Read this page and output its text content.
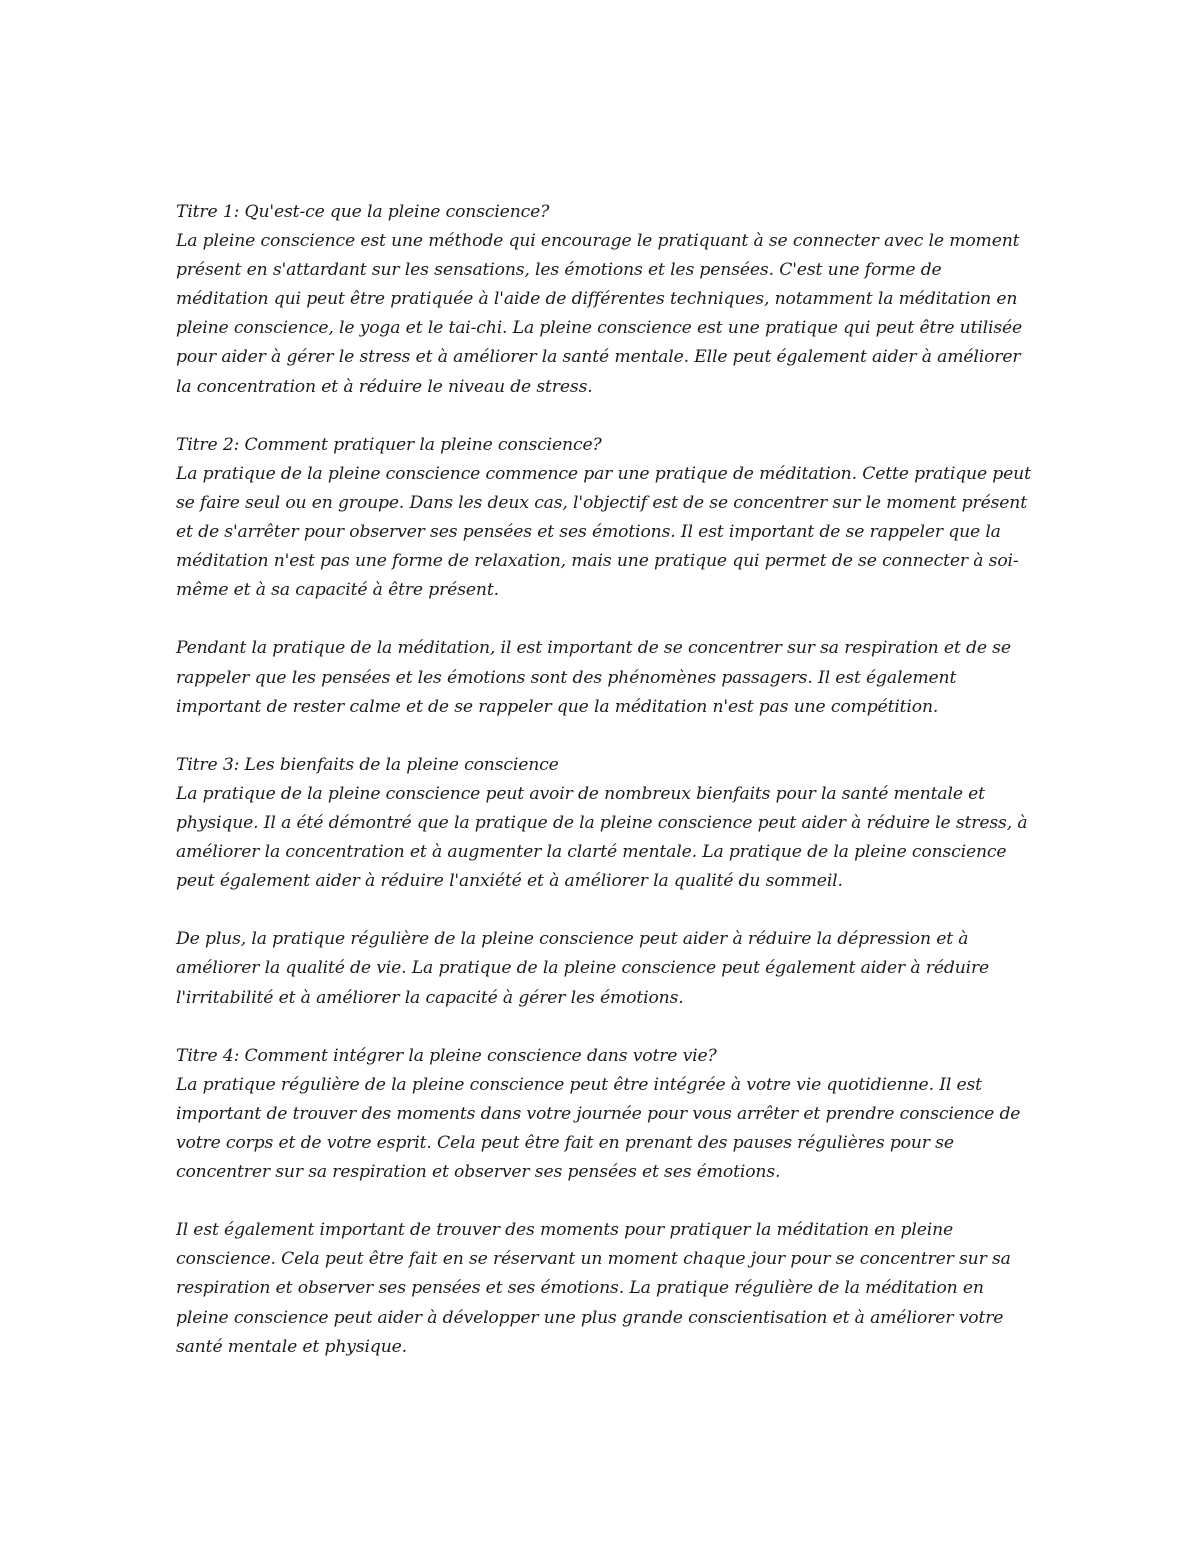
Titre 1: Qu'est-ce que la pleine conscience?

La pleine conscience est une méthode qui encourage le pratiquant à se connecter avec le moment présent en s'attardant sur les sensations, les émotions et les pensées. C'est une forme de méditation qui peut être pratiquée à l'aide de différentes techniques, notamment la méditation en pleine conscience, le yoga et le tai-chi. La pleine conscience est une pratique qui peut être utilisée pour aider à gérer le stress et à améliorer la santé mentale. Elle peut également aider à améliorer la concentration et à réduire le niveau de stress.

Titre 2: Comment pratiquer la pleine conscience?

La pratique de la pleine conscience commence par une pratique de méditation. Cette pratique peut se faire seul ou en groupe. Dans les deux cas, l'objectif est de se concentrer sur le moment présent et de s'arrêter pour observer ses pensées et ses émotions. Il est important de se rappeler que la méditation n'est pas une forme de relaxation, mais une pratique qui permet de se connecter à soi-même et à sa capacité à être présent.

Pendant la pratique de la méditation, il est important de se concentrer sur sa respiration et de se rappeler que les pensées et les émotions sont des phénomènes passagers. Il est également important de rester calme et de se rappeler que la méditation n'est pas une compétition.

Titre 3: Les bienfaits de la pleine conscience

La pratique de la pleine conscience peut avoir de nombreux bienfaits pour la santé mentale et physique. Il a été démontré que la pratique de la pleine conscience peut aider à réduire le stress, à améliorer la concentration et à augmenter la clarté mentale. La pratique de la pleine conscience peut également aider à réduire l'anxiété et à améliorer la qualité du sommeil.

De plus, la pratique régulière de la pleine conscience peut aider à réduire la dépression et à améliorer la qualité de vie. La pratique de la pleine conscience peut également aider à réduire l'irritabilité et à améliorer la capacité à gérer les émotions.

Titre 4: Comment intégrer la pleine conscience dans votre vie?

La pratique régulière de la pleine conscience peut être intégrée à votre vie quotidienne. Il est important de trouver des moments dans votre journée pour vous arrêter et prendre conscience de votre corps et de votre esprit. Cela peut être fait en prenant des pauses régulières pour se concentrer sur sa respiration et observer ses pensées et ses émotions.

Il est également important de trouver des moments pour pratiquer la méditation en pleine conscience. Cela peut être fait en se réservant un moment chaque jour pour se concentrer sur sa respiration et observer ses pensées et ses émotions. La pratique régulière de la méditation en pleine conscience peut aider à développer une plus grande conscientisation et à améliorer votre santé mentale et physique.
